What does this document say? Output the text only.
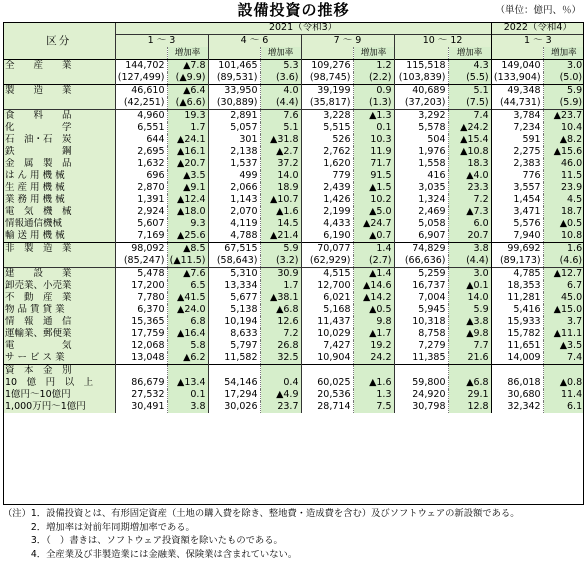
設備投資の推移	（単位：億円、％）
区分	2021（令和3）								2022（令和4）	
	1 ～ 3		4 ～ 6		7 ～ 9		10 ～ 12		1 ～ 3	
		増加率		増加率		増加率		増加率		増加率
全　　産　　業	144,702	▲7.8	101,465	5.3	109,276	1.2	115,518	4.3	149,040	3.0
	(127,499)	(▲9.9)	(89,531)	(3.6)	(98,745)	(2.2)	(103,839)	(5.5)	(133,904)	(5.0)
製　　造　　業	46,610	▲6.4	33,950	4.0	39,199	0.9	40,689	5.1	49,348	5.9
	(42,251)	(▲6.6)	(30,889)	(4.4)	(35,817)	(1.3)	(37,203)	(7.5)	(44,731)	(5.9)
食　　料　　品	4,960	19.3	2,891	7.6	3,228	▲1.3	3,292	7.4	3,784	▲23.7
化　　　　　学	6,551	1.7	5,057	5.1	5,515	0.1	5,578	▲24.2	7,234	10.4
石　油・石　炭	644	▲24.1	301	▲31.8	526	10.3	504	▲15.4	591	▲8.2
鉄　　　　　鋼	2,695	▲16.1	2,138	▲2.7	2,762	11.9	1,976	▲10.8	2,275	▲15.6
金　属　製　品	1,632	▲20.7	1,537	37.2	1,620	71.7	1,558	18.3	2,383	46.0
は ん 用 機 械	696	▲3.5	499	14.0	779	91.5	416	▲4.0	776	11.5
生 産 用 機 械	2,870	▲9.1	2,066	18.9	2,439	▲1.5	3,035	23.3	3,557	23.9
業 務 用 機 械	1,391	▲12.4	1,143	▲10.7	1,426	10.2	1,324	7.2	1,454	4.5
電　気　機　械	2,924	▲18.0	2,070	▲1.6	2,199	▲5.0	2,469	▲7.3	3,471	18.7
情報通信機械	5,607	9.3	4,119	14.5	4,433	▲24.7	5,058	6.0	5,576	▲0.5
輸 送 用 機 械	7,169	▲25.6	4,788	▲21.4	6,190	▲0.7	6,907	20.7	7,940	10.8
非　製　造　業	98,092	▲8.5	67,515	5.9	70,077	1.4	74,829	3.8	99,692	1.6
	(85,247)	(▲11.5)	(58,643)	(3.2)	(62,929)	(2.7)	(66,636)	(4.4)	(89,173)	(4.6)
建　　設　　業	5,478	▲7.6	5,310	30.9	4,515	▲1.4	5,259	3.0	4,785	▲12.7
卸売業、小売業	17,200	6.5	13,334	1.7	12,700	▲14.6	16,737	▲0.1	18,353	6.7
不　動　産　業	7,780	▲41.5	5,677	▲38.1	6,021	▲14.2	7,004	14.0	11,281	45.0
物 品 賃 貸 業	6,370	▲24.0	5,138	▲6.8	5,168	▲0.5	5,945	5.9	5,416	▲15.0
情　報　通　信	15,365	6.8	10,194	12.6	11,437	9.8	10,318	▲3.8	15,933	3.7
運輸業、郵便業	17,759	▲16.4	8,633	7.2	10,029	▲1.7	8,758	▲9.8	15,782	▲11.1
電　　　　　気	12,068	5.8	5,797	26.8	7,427	19.2	7,279	7.7	11,651	▲3.5
サ ー ビ ス 業	13,048	▲6.2	11,582	32.5	10,904	24.2	11,385	21.6	14,009	7.4
資　本　金　別										
10　億　円　以　上	86,679	▲13.4	54,146	0.4	60,025	▲1.6	59,800	▲6.8	86,018	▲0.8
1億円～10億円	27,532	0.1	17,294	▲4.9	20,536	1.3	24,920	29.1	30,680	11.4
1,000万円～1億円	30,491	3.8	30,026	23.7	28,714	7.5	30,798	12.8	32,342	6.1
（注）1．設備投資とは、有形固定資産（土地の購入費を除き、整地費・造成費を含む）及びソフトウェアの新設額である。
　　　2．増加率は対前年同期増加率である。
　　　3．（　）書きは、ソフトウェア投資額を除いたものである。
　　　4．全産業及び非製造業には金融業、保険業は含まれていない。
